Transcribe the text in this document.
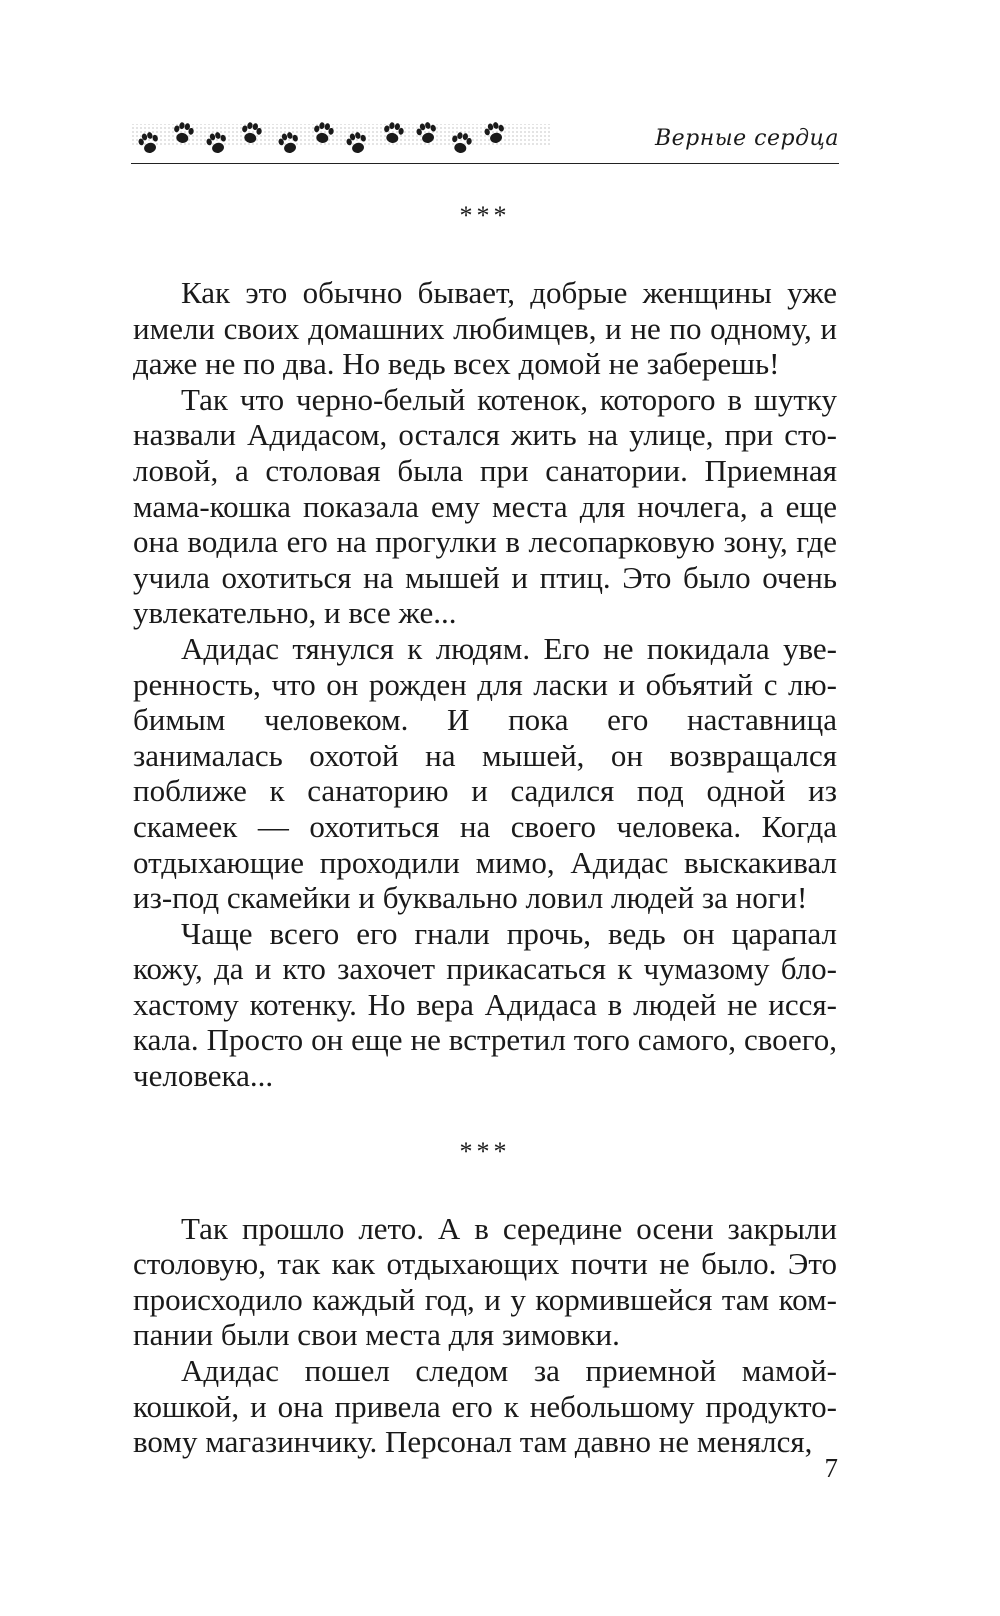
Верные сердца
***

Как это обычно бывает, добрые женщины уже имели своих домашних любимцев, и не по одному, и даже не по два. Но ведь всех домой не заберешь!

Так что черно-белый котенок, которого в шутку назвали Адидасом, остался жить на улице, при столовой, а столовая была при санатории. Приемная мама-кошка показала ему места для ночлега, а еще она водила его на прогулки в лесопарковую зону, где учила охотиться на мышей и птиц. Это было очень увлекательно, и все же...

Адидас тянулся к людям. Его не покидала уверенность, что он рожден для ласки и объятий с любимым человеком. И пока его наставница занималась охотой на мышей, он возвращался поближе к санаторию и садился под одной из скамеек — охотиться на своего человека. Когда отдыхающие проходили мимо, Адидас выскакивал из-под скамейки и буквально ловил людей за ноги!

Чаще всего его гнали прочь, ведь он царапал кожу, да и кто захочет прикасаться к чумазому блохастому котенку. Но вера Адидаса в людей не иссякала. Просто он еще не встретил того самого, своего, человека...

***

Так прошло лето. А в середине осени закрыли столовую, так как отдыхающих почти не было. Это происходило каждый год, и у кормившейся там компании были свои места для зимовки.

Адидас пошел следом за приемной мамой-кошкой, и она привела его к небольшому продуктовому магазинчику. Персонал там давно не менялся,

7
